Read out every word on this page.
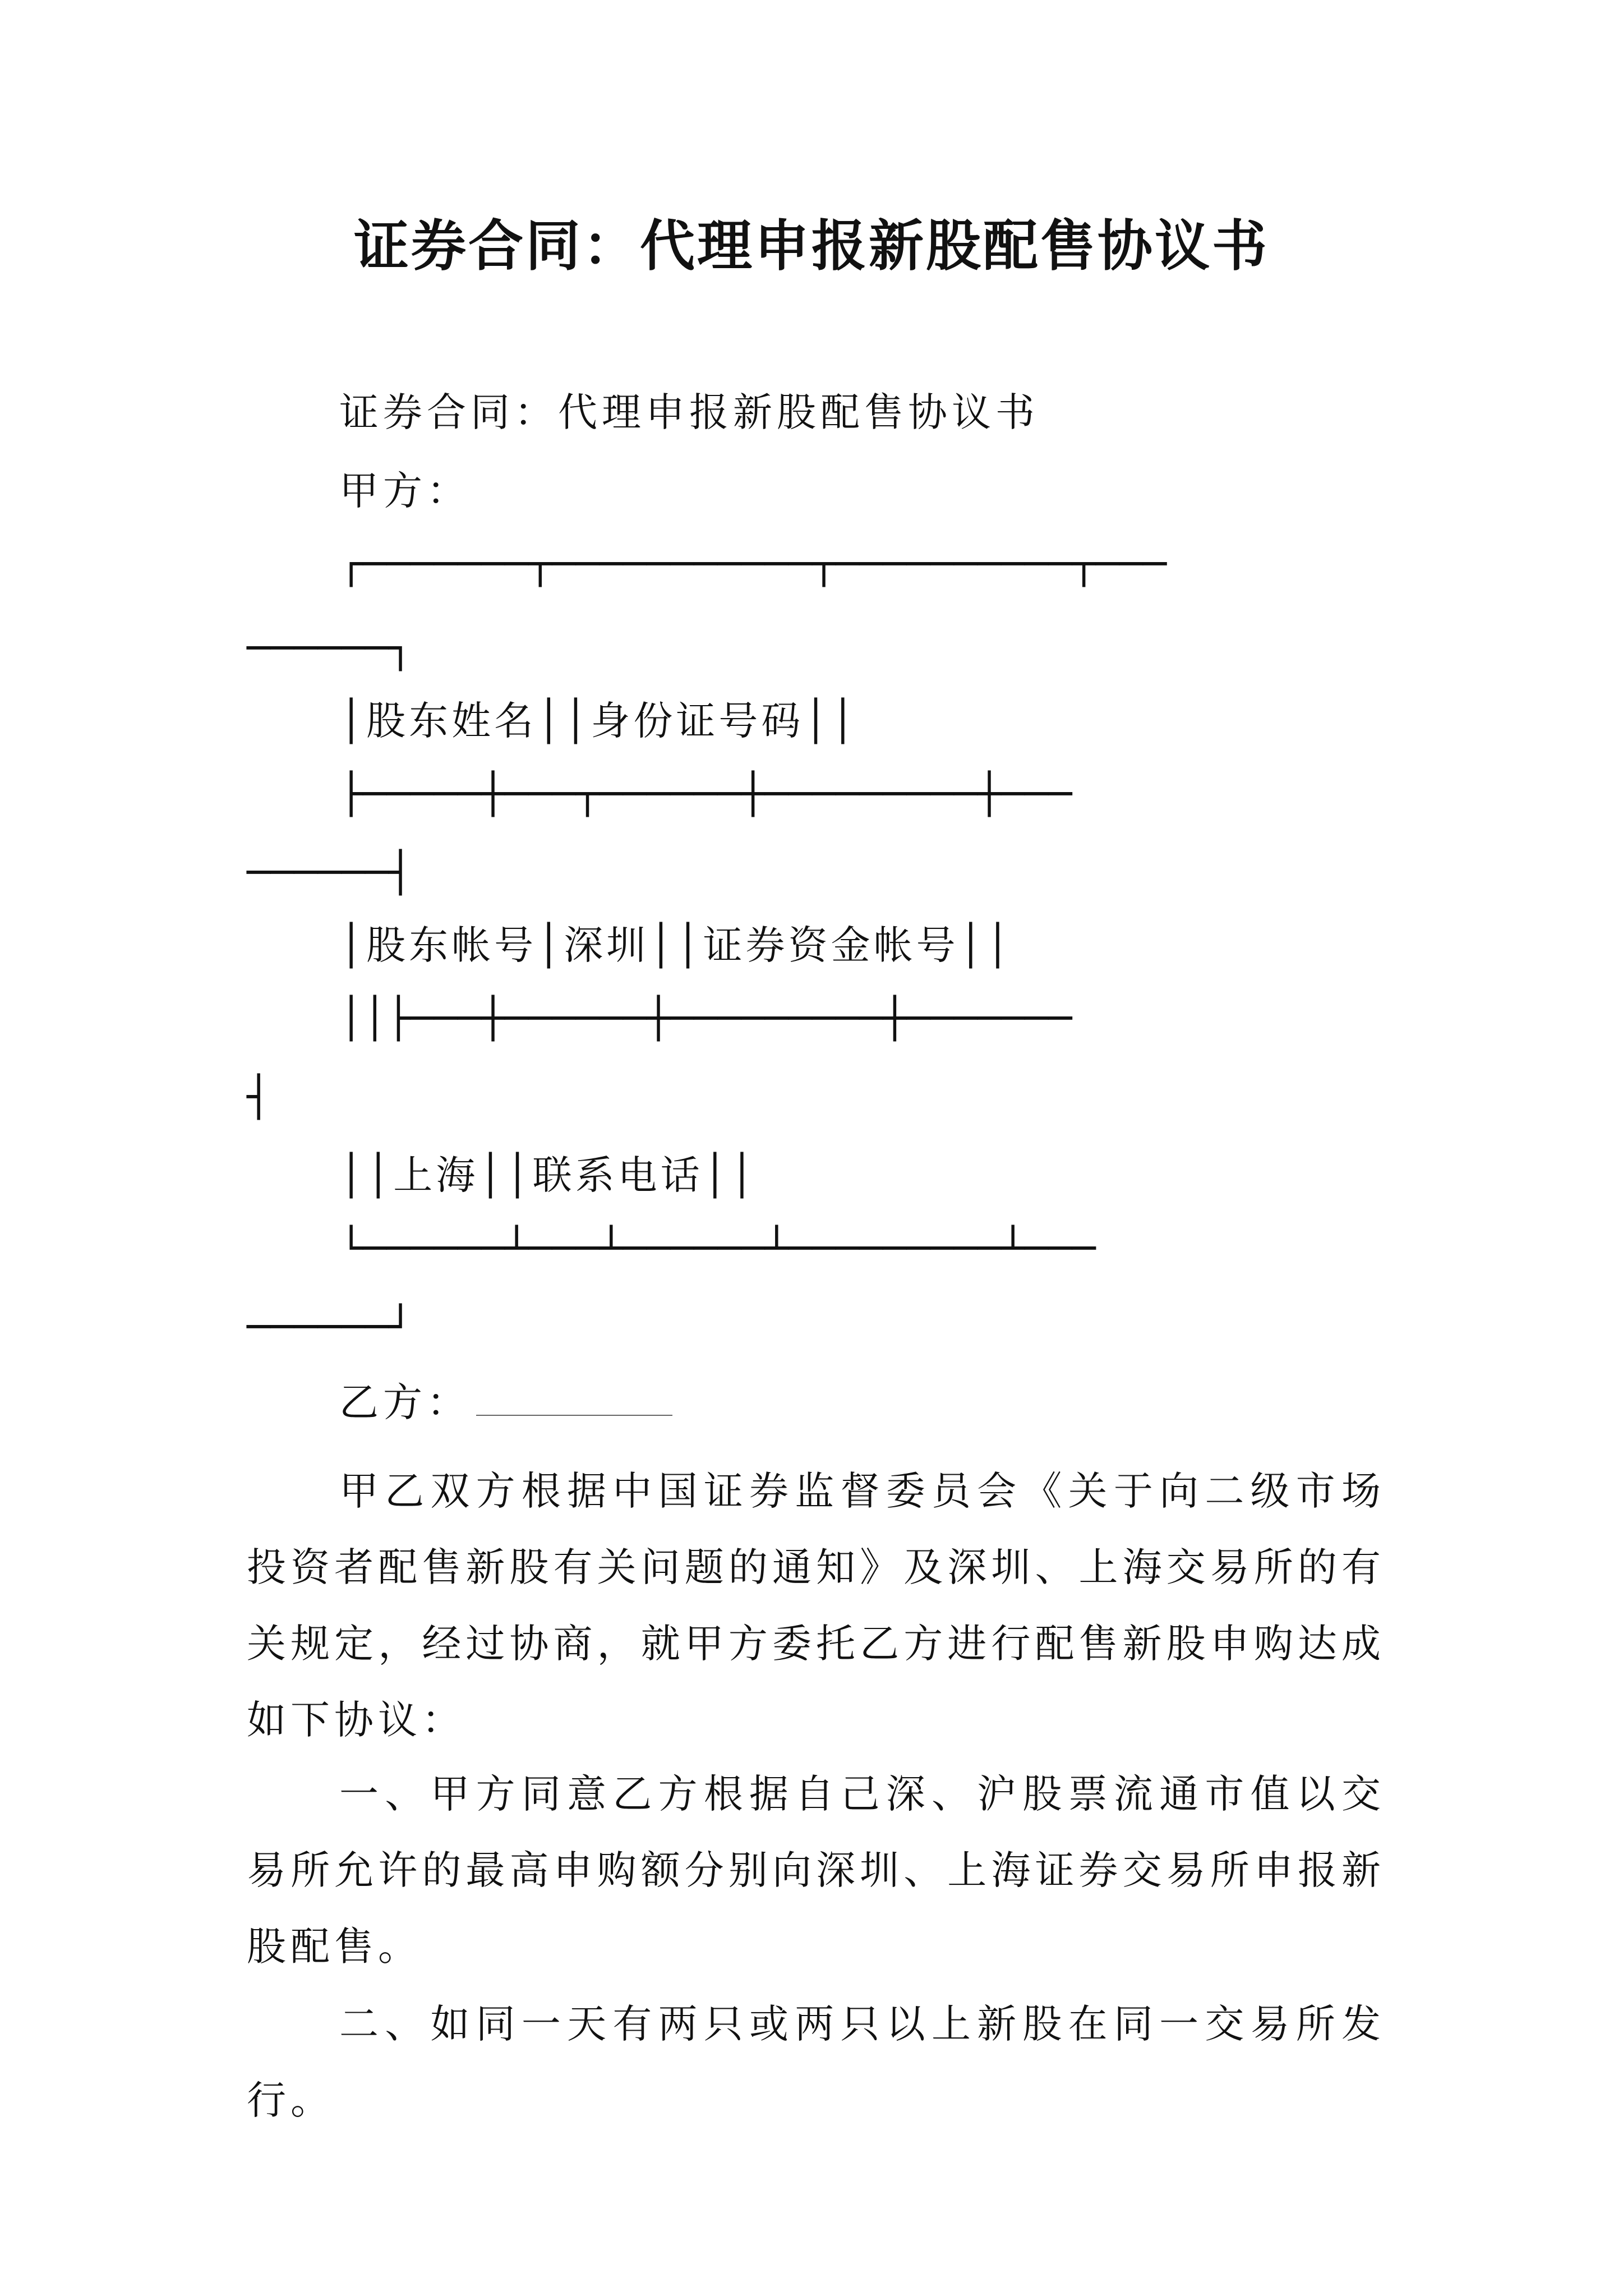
证券合同：代理申报新股配售协议书
证券合同：代理申报新股配售协议书
甲方：
┌───────┬───────────┬──────────┬───
──────┐
│股东姓名││身份证号码││
├─────┼───┬──────┼─────────┼───
──────┤
│股东帐号│深圳││证券资金帐号││
││├───┼──────┼─────────┼───────
┤
││上海││联系电话││
└──────┴───┴──────┴─────────┴───
──────┘
乙方：

甲乙双方根据中国证券监督委员会《关于向二级市场投资者配售新股有关问题的通知》及深圳、上海交易所的有关规定，经过协商，就甲方委托乙方进行配售新股申购达成如下协议：

一、甲方同意乙方根据自己深、沪股票流通市值以交易所允许的最高申购额分别向深圳、上海证券交易所申报新股配售。

二、如同一天有两只或两只以上新股在同一交易所发行。
